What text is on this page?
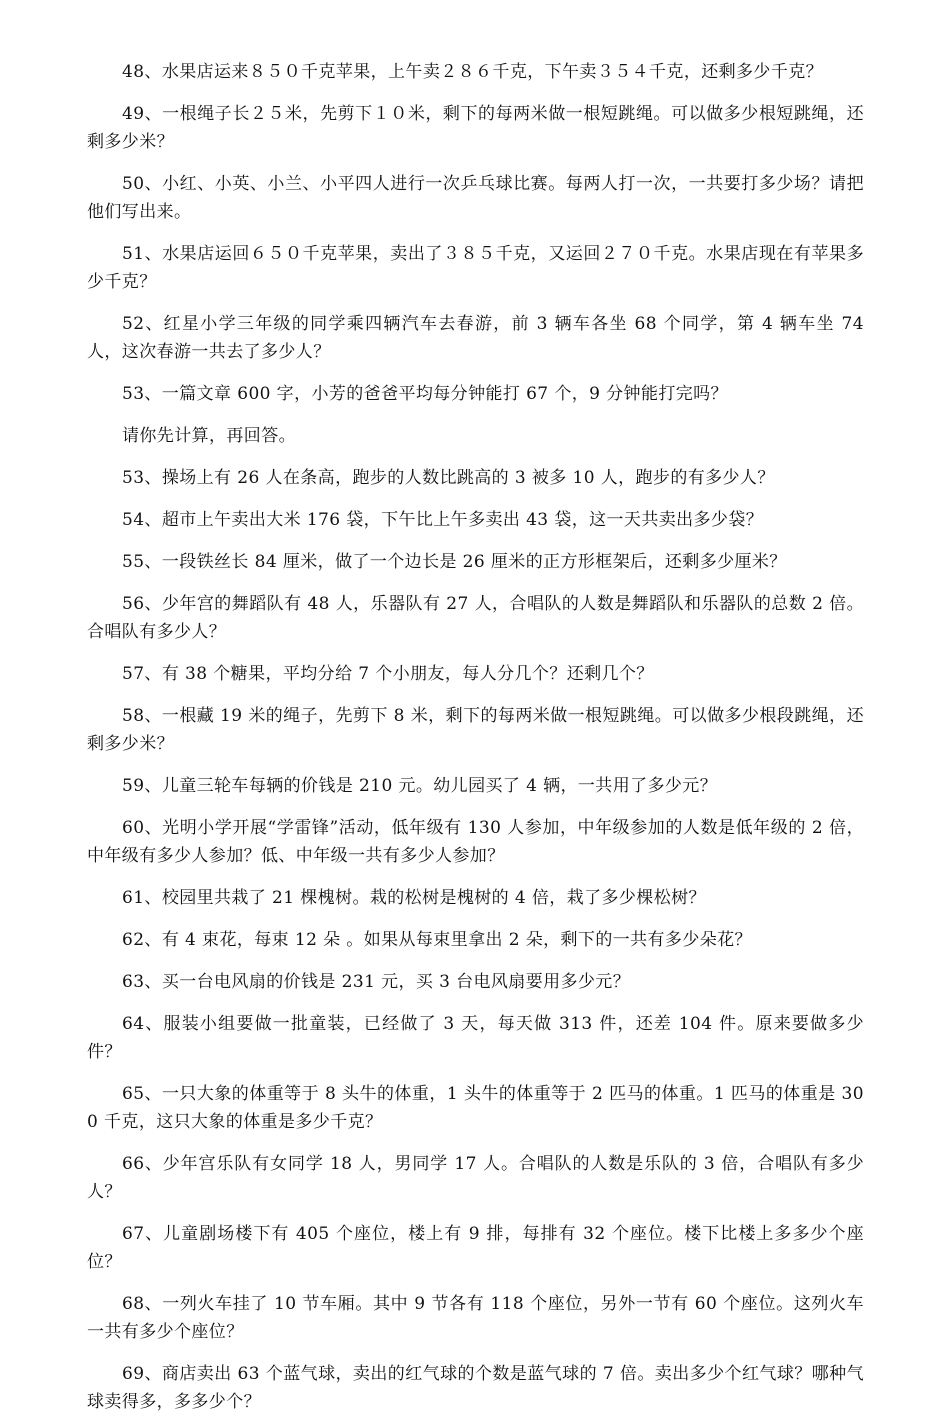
48、水果店运来８５０千克苹果，上午卖２８６千克，下午卖３５４千克，还剩多少千克？

49、一根绳子长２５米，先剪下１０米，剩下的每两米做一根短跳绳。可以做多少根短跳绳，还剩多少米？

50、小红、小英、小兰、小平四人进行一次乒乓球比赛。每两人打一次，一共要打多少场？请把他们写出来。

51、水果店运回６５０千克苹果，卖出了３８５千克，又运回２７０千克。水果店现在有苹果多少千克？

52、红星小学三年级的同学乘四辆汽车去春游，前 3 辆车各坐 68 个同学，第 4 辆车坐 74 人，这次春游一共去了多少人？

53、一篇文章 600 字，小芳的爸爸平均每分钟能打 67 个，9 分钟能打完吗？

请你先计算，再回答。

53、操场上有 26 人在条高，跑步的人数比跳高的 3 被多 10 人，跑步的有多少人？

54、超市上午卖出大米 176 袋，下午比上午多卖出 43 袋，这一天共卖出多少袋？

55、一段铁丝长 84 厘米，做了一个边长是 26 厘米的正方形框架后，还剩多少厘米？

56、少年宫的舞蹈队有 48 人，乐器队有 27 人，合唱队的人数是舞蹈队和乐器队的总数 2 倍。合唱队有多少人？

57、有 38 个糖果，平均分给 7 个小朋友，每人分几个？还剩几个？

58、一根藏 19 米的绳子，先剪下 8 米，剩下的每两米做一根短跳绳。可以做多少根段跳绳，还剩多少米？

59、儿童三轮车每辆的价钱是 210 元。幼儿园买了 4 辆，一共用了多少元？

60、光明小学开展“学雷锋”活动，低年级有 130 人参加，中年级参加的人数是低年级的 2 倍，中年级有多少人参加？低、中年级一共有多少人参加？

61、校园里共栽了 21 棵槐树。栽的松树是槐树的 4 倍，栽了多少棵松树？

62、有 4 束花，每束 12 朵 。如果从每束里拿出 2 朵，剩下的一共有多少朵花？

63、买一台电风扇的价钱是 231 元，买 3 台电风扇要用多少元？

64、服装小组要做一批童装，已经做了 3 天，每天做 313 件，还差 104 件。原来要做多少件？

65、一只大象的体重等于 8 头牛的体重，1 头牛的体重等于 2 匹马的体重。1 匹马的体重是 300 千克，这只大象的体重是多少千克？

66、少年宫乐队有女同学 18 人，男同学 17 人。合唱队的人数是乐队的 3 倍，合唱队有多少人？

67、儿童剧场楼下有 405 个座位，楼上有 9 排，每排有 32 个座位。楼下比楼上多多少个座位？

68、一列火车挂了 10 节车厢。其中 9 节各有 118 个座位，另外一节有 60 个座位。这列火车一共有多少个座位？

69、商店卖出 63 个蓝气球，卖出的红气球的个数是蓝气球的 7 倍。卖出多少个红气球？哪种气球卖得多，多多少个？
